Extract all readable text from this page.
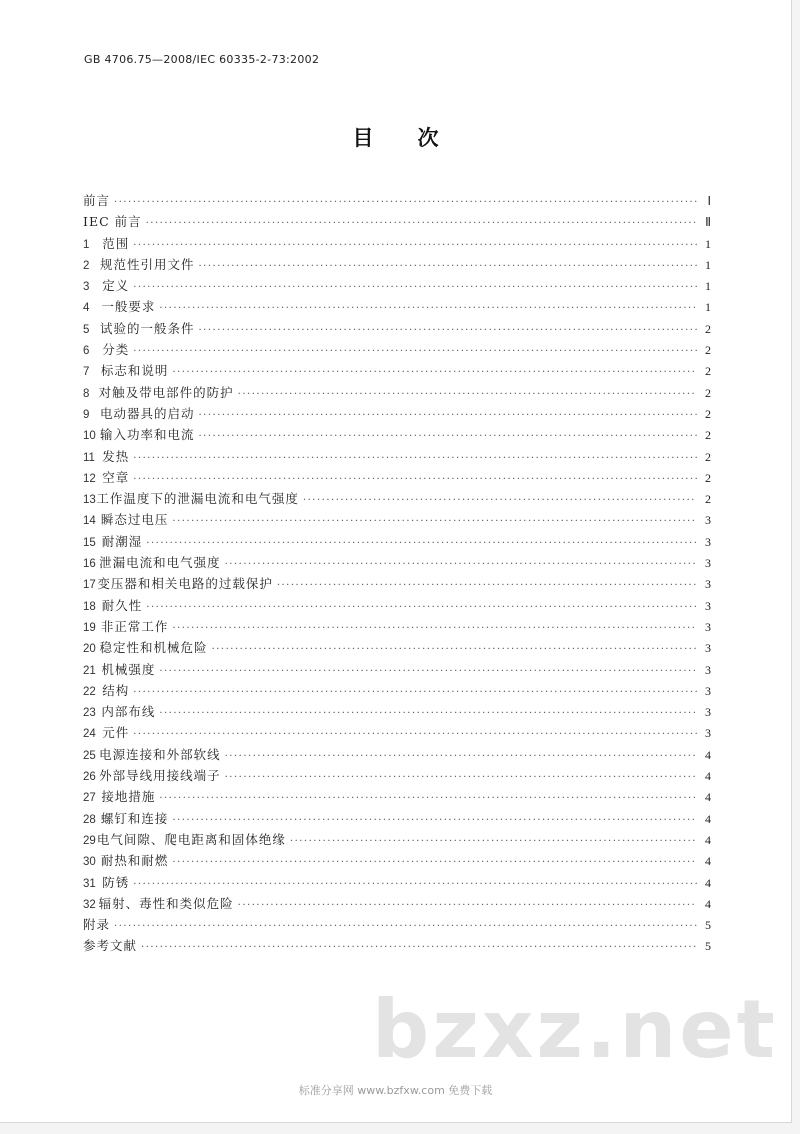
GB 4706.75—2008/IEC 60335-2-73:2002
目次
前言 ·····	Ⅰ
IEC 前言 ·····	Ⅱ
1	范围 ·····	1
2 规范性引用文件 ·····	1
3	定义 ·····	1
4 一般要求 ·····	1
5 试验的一般条件 ·····	2
6	分类 ·····	2
7 标志和说明 ·····	2
8 对触及带电部件的防护 ·····	2
9 电动器具的启动 ·····	2
10 输入功率和电流 ·····	2
11 发热 ·····	2
12 空章 ·····	2
13 工作温度下的泄漏电流和电气强度 ·····	2
14 瞬态过电压 ·····	3
15 耐潮湿 ·····	3
16 泄漏电流和电气强度 ·····	3
17 变压器和相关电路的过载保护 ·····	3
18 耐久性 ·····	3
19 非正常工作 ·····	3
20 稳定性和机械危险 ·····	3
21 机械强度 ·····	3
22 结构 ·····	3
23 内部布线 ·····	3
24 元件 ·····	3
25 电源连接和外部软线 ·····	4
26 外部导线用接线端子 ·····	4
27 接地措施 ·····	4
28 螺钉和连接 ·····	4
29 电气间隙、爬电距离和固体绝缘 ·····	4
30 耐热和耐燃 ·····	4
31 防锈 ·····	4
32 辐射、毒性和类似危险 ·····	4
附录 ·····	5
参考文献 ·····	5
bzxz.net
标准分享网 www.bzfxw.com 免费下载
